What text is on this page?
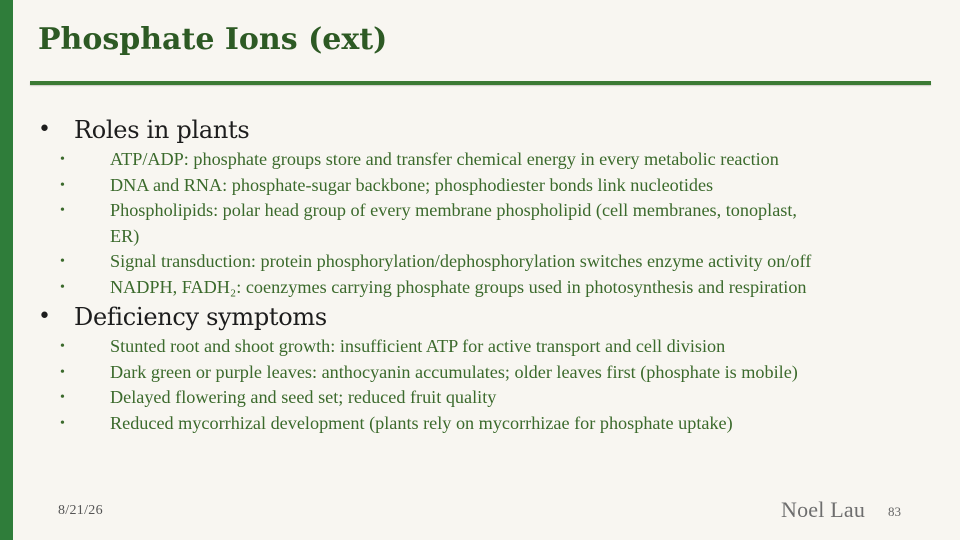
Phosphate Ions (ext)
• Roles in plants
• ATP/ADP: phosphate groups store and transfer chemical energy in every metabolic reaction
• DNA and RNA: phosphate-sugar backbone; phosphodiester bonds link nucleotides
• Phospholipids: polar head group of every membrane phospholipid (cell membranes, tonoplast,
ER)
• Signal transduction: protein phosphorylation/dephosphorylation switches enzyme activity on/off
• NADPH, FADH₂: coenzymes carrying phosphate groups used in photosynthesis and respiration
• Deficiency symptoms
• Stunted root and shoot growth: insufficient ATP for active transport and cell division
• Dark green or purple leaves: anthocyanin accumulates; older leaves first (phosphate is mobile)
• Delayed flowering and seed set; reduced fruit quality
• Reduced mycorrhizal development (plants rely on mycorrhizae for phosphate uptake)
8/21/26	Noel Lau 83
